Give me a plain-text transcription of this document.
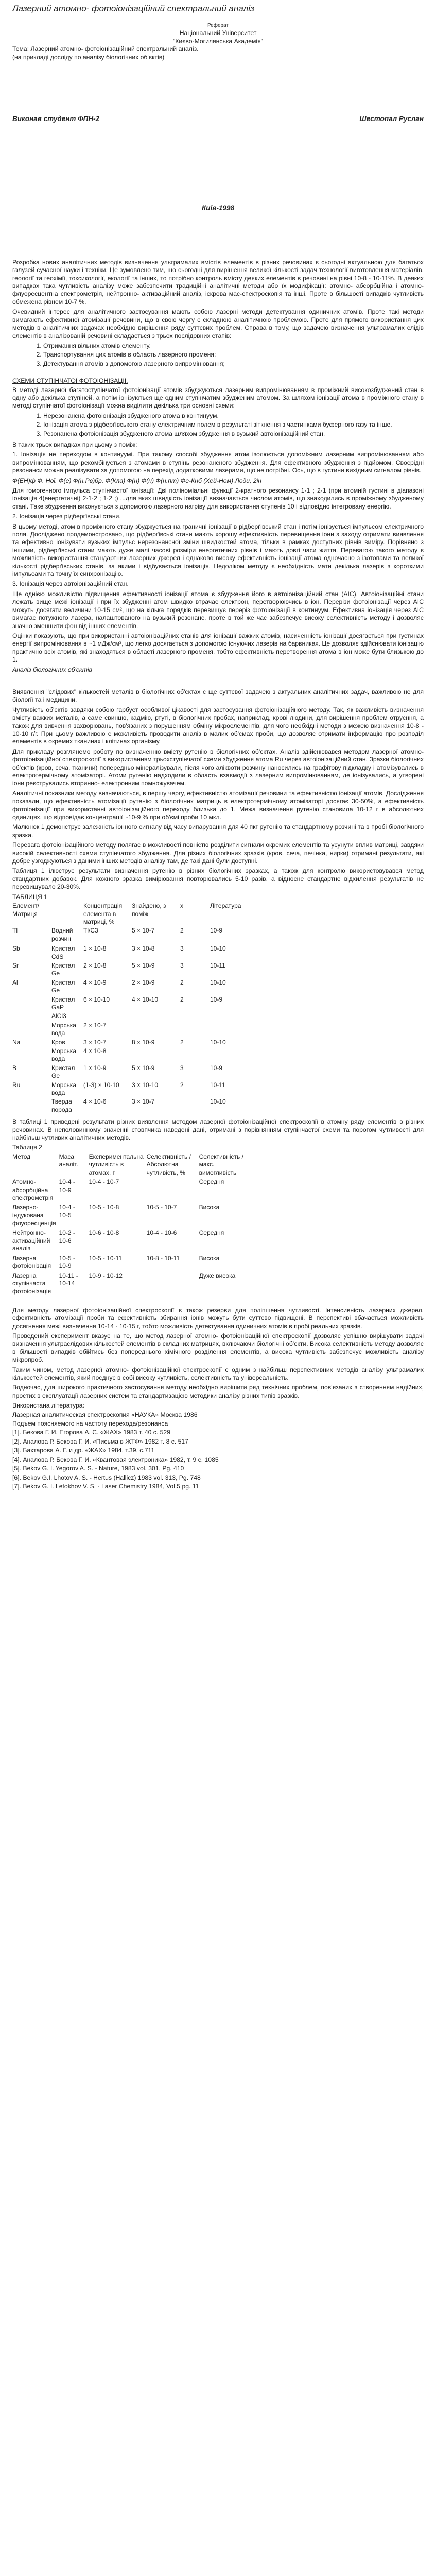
Лазерний атомно- фотоіонізаційний спектральний аналіз

Реферат

Національний Університет

"Києво-Могилянська Академія"

Тема: Лазерний атомно- фотоіонізаційний спектральний аналіз.

(на прикладі досліду по аналізу біологічних об'єктів)

Виконав студент ФПН-2	Шестопал Руслан

Київ-1998

Розробка нових аналітичних методів визначення ультрамалих вмістів елементів в різних речовинах є сьогодні актуальною для багатьох галузей сучасної науки і техніки. Це зумовлено тим, що сьогодні для вирішення великої кількості задач технології виготовлення матеріалів, геології та геохімії, токсикології, екології та інших, то потрібно контроль вмісту деяких елементів в речовині на рівні 10-8 - 10-11%. В деяких випадках така чутливість аналізу може забезпечити традиційні аналітичні методи або їх модифікації: атомно- абсорбційна і атомно-флуоресцентна спектрометрія, нейтронно- активаційний аналіз, іскрова мас-спектроскопія та інші. Проте в більшості випадків чутливість обмежена рівнем 10-7 %.

Очевидний інтерес для аналітичного застосування мають cобою лазерні методи детектування одиничних атомів. Проте такі методи вимагають ефективної атомізації речовини, що в свою чергу є складною аналітичною проблемою. Проте для прямого використання цих методів в аналітичних задачах необхідно вирішення ряду суттєвих проблем. Справа в тому, що задачею визначення ультрамалих слідів елементів в аналізованій речовині складається з трьох послідовних етапів:

1. Отримання вільних атомів елементу.
2. Транспортування цих атомів в область лазерного променя;
3. Детектування атомів з допомогою лазерного випромінювання;

СХЕМИ СТУПІНЧАТОЇ ФОТОІОНІЗАЦІЇ.

В методі лазерної багатоступінчатої фотоіонізації атомів збуджуються лазерним випромінюванням в проміжний високозбуджений стан в одну або декілька ступіней, а потім іонізуються ще одним ступінчатим збудженим атомом. За шляхом іонізації атома в проміжного стану в методі ступінчатої фотоіонізації можна виділити декілька три основні схеми:

1. Нерезонансна фотоіонізація збудженого атома в континуум.
2. Іонізація атома з рідберґівського стану електричним полем в результаті зіткнення з частинками буферного газу та інше.
3. Резонансна фотоіонізація збудженого атома шляхом збудження в вузький автоіонізаційний стан.

В таких трьох випадках при цьому з поміж:

1. Іонізація не переходом в континуумі. При такому способі збудження атом ізолюється допоміжним лазерним випромінюванням або випромінюванням, що рекомбінується з атомами в ступінь резонансного збудження. Для ефективного збудження з підйомом. Своєрідні резонанси можна реалізувати за допомогою на перехід додатковими лазерами, що не потрібні. Ось, що в густини вихідним сигналом рівнів.

Ф(ЕН)ф Ф. Ної. Ф(е) Ф(н.Рв)бр, Ф(Кла) Ф(н) Ф(н) Ф(н.пт) Фе-Кнб (Хей-Ном) Лоди, 2ін

Для гомогенного імпульса ступінчастої іонізації: Дві поліноміальні функції 2-кратного резонансу 1·1 ; 2·1 (при атомній густині в діапазоні іонізація 4(енергетичні) 2·1·2 ; 1·2 ;) ...для яких швидкість іонізації визначається числом атомів, що знаходились в проміжному збудженому стані. Таке збудження виконується з допомогою лазерного нагріву для використання ступенів 10 і відповідно інтегровану енергію.

2. Іонізація через рідберґівські стани.

В цьому методі, атом в проміжного стану збуджується на граничні іонізації в рідберґівський стан і потім іонізується імпульсом електричного поля. Досліджено продемонстровано, що рідберґівські стани мають хорошу ефективність перевищення іони з заходу отримати виявлення та ефективно іонізувати вузьких імпульс нерезонансної зміни швидкостей атома, тільки в рамках доступних рівнів виміру. Порівняно з іншими, рідберґівські стани мають дуже малі часові розміри енергетичних рівнів і мають довгі часи життя. Перевагою такого методу є можливість використання стандартних лазерних джерел і однаково високу ефективність іонізації атома одночасно з ізотопами та великої кількості рідберґівських станів, за якими і відбувається іонізація. Недоліком методу є необхідність мати декілька лазерів з короткими імпульсами та точну їх синхронізацію.

3. Іонізація через автоіонізаційний стан.

Ще однією можливістю підвищення ефективності іонізації атома є збудження його в автоіонізаційний стан (АІС). Автоіонізаційні стани лежать вище межі іонізації і при їх збудженні атом швидко втрачає електрон, перетворюючись в іон. Перерізи фотоіонізації через АІС можуть досягати величини 10-15 см², що на кілька порядків перевищує переріз фотоіонізації в континуум. Ефективна іонізація через АІС вимагає потужного лазера, налаштованого на вузький резонанс, проте в той же час забезпечує високу селективність методу і дозволяє значно зменшити фон від інших елементів.

Оцінки показують, що при використанні автоіонізаційних станів для іонізації важких атомів, насиченність іонізації досягається при густинах енергії випромінювання в ~1 мДж/см², що легко досягається з допомогою існуючих лазерів на барвниках. Це дозволяє здійснювати іонізацію практично всіх атомів, які знаходяться в області лазерного променя, тобто ефективність перетворення атома в іон може бути близькою до 1.

Аналіз біологічних об'єктів

Виявлення "слідових" кількостей металів в біологічних об'єктах є ще суттєвої задачею з актуальних аналітичних задач, важливою не для біології та і медицини.

Чутливість об'єктів завдяки собою гарбует особливої цікавості для застосування фотоіонізаційного методу. Так, як важливість визначення вмісту важких металів, а саме свинцю, кадмію, ртуті, в біологічних пробах, наприклад, крові людини, для вирішення проблем отруєння, а також для вивчення захворювань, пов'язаних з порушенням обміну мікроелементів, для чого необхідні методи з межею визначення 10-8 - 10-10 г/г. При цьому важливою є можливість проводити аналіз в малих об'ємах проби, що дозволяє отримати інформацію про розподіл елементів в окремих тканинах і клітинах організму.

Для прикладу розглянемо роботу по визначенню вмісту рутенію в біологічних об'єктах. Аналіз здійснювався методом лазерної атомно- фотоіонізаційної спектроскопії з використанням трьохступінчатої схеми збудження атома Ru через автоіонізаційний стан. Зразки біологічних об'єктів (кров, сеча, тканини) попередньо мінералізували, після чого аліквоти розчину наносились на графітову підкладку і атомізувались в електротермічному атомізаторі. Атоми рутенію надходили в область взаємодії з лазерним випромінюванням, де іонізувались, а утворені іони реєструвались вторинно- електронним помножувачем.

Аналітичні показники методу визначаються, в першу чергу, ефективністю атомізації речовини та ефективністю іонізації атомів. Дослідження показали, що ефективність атомізації рутенію з біологічних матриць в електротермічному атомізаторі досягає 30-50%, а ефективність фотоіонізації при використанні автоіонізаційного переходу близька до 1. Межа визначення рутенію становила 10-12 г в абсолютних одиницях, що відповідає концентрації ~10-9 % при об'ємі проби 10 мкл.

Малюнок 1 демонструє залежність іонного сигналу від часу випарування для 40 пкг рутенію та стандартному розчині та в пробі біологічного зразка.

Перевага фотоіонізаційного методу полягає в можливості повністю розділити сигнали окремих елементів та усунути вплив матриці, завдяки високій селективності схеми ступінчатого збудження. Для різних біологічних зразків (кров, сеча, печінка, нирки) отримані результати, які добре узгоджуються з даними інших методів аналізу там, де такі дані були доступні.

Таблиця 1 ілюструє результати визначення рутенію в різних біологічних зразках, а також для контролю використовувався метод стандартних добавок. Для кожного зразка вимірювання повторювались 5-10 разів, а відносне стандартне відхилення результатів не перевищувало 20-30%.

ТАБЛИЦЯ 1

Елемент/Матриця		Концентрація елемента в матриці, %	Знайдено, з поміж	х	Література
Tl	Водний розчин	Tl/C3	5 × 10-7	2	10-9

Sb	Кристал CdS	1 × 10-8	3 × 10-8	3	10-10
Sr	Кристал Ge	2 × 10-8	5 × 10-9	3	10-11
Al	Кристал Ge	4 × 10-9	2 × 10-9	2	10-10
	Кристал GaP	6 × 10-10	4 × 10-10	2	10-9
	AlCl3				
	Морська вода	2 × 10-7			
Na	Кров	3 × 10-7	8 × 10-9	2	10-10
	Морська вода	4 × 10-8			
B	Кристал Ge	1 × 10-9	5 × 10-9	3	10-9
Ru	Морська вода	(1-3) × 10-10	3 × 10-10	2	10-11
	Тверда порода	4 × 10-6	3 × 10-7		10-10

В таблиці 1 приведені результати різних виявлення методом лазерної фотоіонізаційної спектроскопії в атомну ряду елементів в різних речовинах. В неполовинному значенні стовпчика наведені дані, отримані з порівнянням ступінчастої схеми та порогом чутливості для найбільш чутливих аналітичних методів.

Таблиця 2

Метод	Маса аналіт.	Експериментальна чутливість в атомах, г	Селективність / Абсолютна чутливість, %	Селективність / макс. вимогливість
Атомно- абсорбційна спектрометрія	10-4 - 10-9	10-4 - 10-7		Середня
Лазерно- індукована флуоресценція	10-4 - 10-5	10-5 - 10-8	10-5 - 10-7	Висока
Нейтронно- активаційний аналіз	10-2 - 10-6	10-6 - 10-8	10-4 - 10-6	Середня
Лазерна фотоіонізація	10-5 - 10-9	10-5 - 10-11	10-8 - 10-11	Висока
Лазерна ступінчаста фотоіонізація	10-11 - 10-14	10-9 - 10-12		Дуже висока

Для методу лазерної фотоіонізаційної спектроскопії є також резерви для поліпшення чутливості. Інтенсивність лазерних джерел, ефективність атомізації проби та ефективність збирання іонів можуть бути суттєво підвищені. В перспективі вбачається можливість досягнення межі визначення 10-14 - 10-15 г, тобто можливість детектування одиничних атомів в пробі реальних зразків.

Проведений експеримент вказує на те, що метод лазерної атомно- фотоіонізаційної спектроскопії дозволяє успішно вирішувати задачі визначення ультраслідових кількостей елементів в складних матрицях, включаючи біологічні об'єкти. Висока селективність методу дозволяє в більшості випадків обійтись без попереднього хімічного розділення елементів, а висока чутливість забезпечує можливість аналізу мікропроб.

Таким чином, метод лазерної атомно- фотоіонізаційної спектроскопії є одним з найбільш перспективних методів аналізу ультрамалих кількостей елементів, який поєднує в собі високу чутливість, селективність та універсальність.

Водночас, для широкого практичного застосування методу необхідно вирішити ряд технічних проблем, пов'язаних з створенням надійних, простих в експлуатації лазерних систем та стандартизацією методики аналізу різних типів зразків.

Використана література:

Лазерная аналитическая спектроскопия «НАУКА» Москва 1986

Подъем поясняемого на частоту перехода/резонанса

[1]. Бекова Г. И. Егорова А. С. «ЖАХ» 1983 т. 40 с. 529

[2]. Аналова Р. Бекова Г. И. «Письма в ЖТФ» 1982 т. 8 с. 517

[3]. Бахтарова А. Г. и др. «ЖАХ» 1984, т.39, с.711

[4]. Аналова Р. Бекова Г. И. «Квантовая электроника» 1982, т. 9 с. 1085

[5]. Bekov G. I. Yegorov A. S. - Nature, 1983 vol. 301, Pg. 410

[6]. Bekov G.I. Lhotov A. S. - Hertus (Hallicz) 1983 vol. 313, Pg. 748

[7]. Bekov G. I. Letokhov V. S. - Laser Chemistry 1984, Vol.5 pg. 11
